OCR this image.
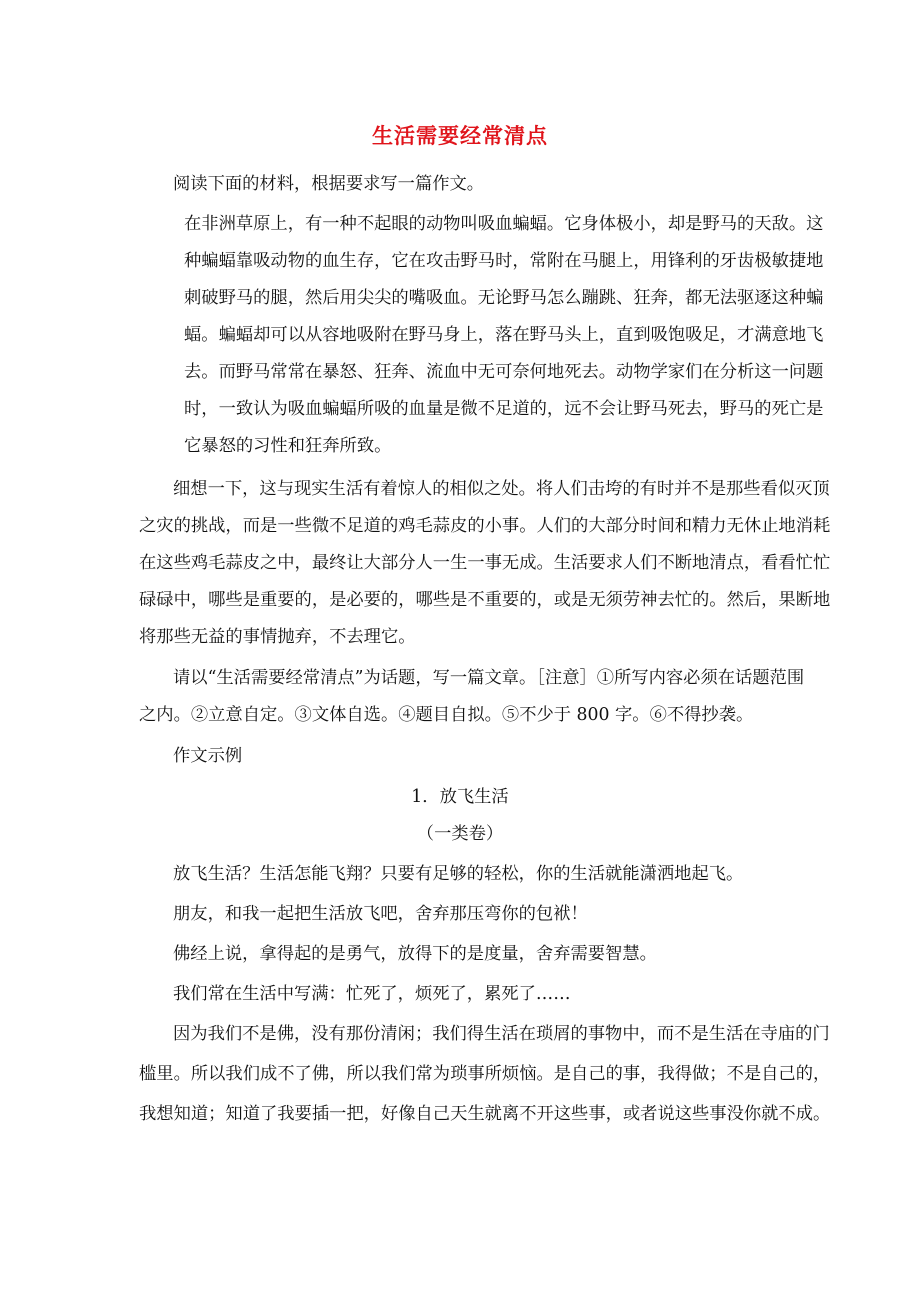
生活需要经常清点
阅读下面的材料，根据要求写一篇作文。
在非洲草原上，有一种不起眼的动物叫吸血蝙蝠。它身体极小，却是野马的天敌。这
种蝙蝠靠吸动物的血生存，它在攻击野马时，常附在马腿上，用锋利的牙齿极敏捷地
刺破野马的腿，然后用尖尖的嘴吸血。无论野马怎么蹦跳、狂奔，都无法驱逐这种蝙
蝠。蝙蝠却可以从容地吸附在野马身上，落在野马头上，直到吸饱吸足，才满意地飞
去。而野马常常在暴怒、狂奔、流血中无可奈何地死去。动物学家们在分析这一问题
时，一致认为吸血蝙蝠所吸的血量是微不足道的，远不会让野马死去，野马的死亡是
它暴怒的习性和狂奔所致。
细想一下，这与现实生活有着惊人的相似之处。将人们击垮的有时并不是那些看似灭顶
之灾的挑战，而是一些微不足道的鸡毛蒜皮的小事。人们的大部分时间和精力无休止地消耗
在这些鸡毛蒜皮之中，最终让大部分人一生一事无成。生活要求人们不断地清点，看看忙忙
碌碌中，哪些是重要的，是必要的，哪些是不重要的，或是无须劳神去忙的。然后，果断地
将那些无益的事情抛弃，不去理它。
请以“生活需要经常清点”为话题，写一篇文章。［注意］①所写内容必须在话题范围
之内。②立意自定。③文体自选。④题目自拟。⑤不少于 800 字。⑥不得抄袭。
作文示例
1．放飞生活
（一类卷）
放飞生活？生活怎能飞翔？只要有足够的轻松，你的生活就能潇洒地起飞。
朋友，和我一起把生活放飞吧，舍弃那压弯你的包袱！
佛经上说，拿得起的是勇气，放得下的是度量，舍弃需要智慧。
我们常在生活中写满：忙死了，烦死了，累死了……
因为我们不是佛，没有那份清闲；我们得生活在琐屑的事物中，而不是生活在寺庙的门
槛里。所以我们成不了佛，所以我们常为琐事所烦恼。是自己的事，我得做；不是自己的，
我想知道；知道了我要插一把，好像自己天生就离不开这些事，或者说这些事没你就不成。
